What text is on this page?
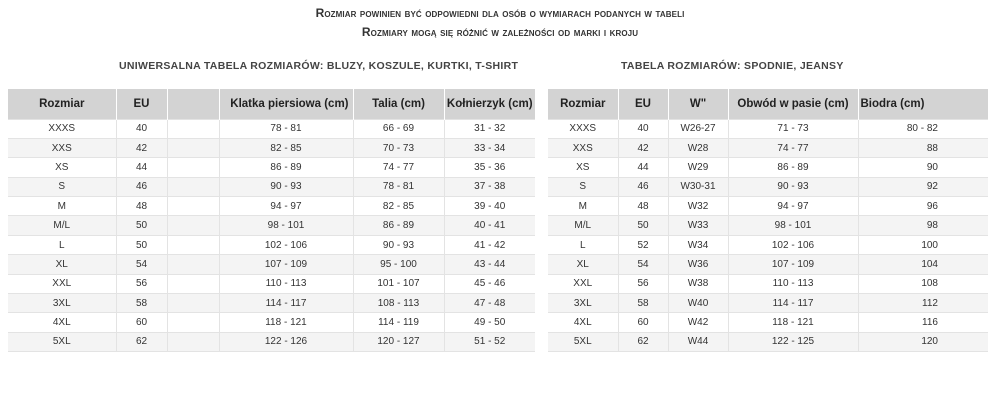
Rozmiar powinien być odpowiedni dla osób o wymiarach podanych w tabeli
Rozmiary mogą się różnić w zależności od marki i kroju
UNIWERSALNA TABELA ROZMIARÓW: BLUZY, KOSZULE, KURTKI, T-SHIRT	TABELA ROZMIARÓW: SPODNIE, JEANSY
Rozmiar	EU		Klatka piersiowa (cm)	Talia (cm)	Kołnierzyk (cm)
XXXS	40		78 - 81	66 - 69	31 - 32
XXS	42		82 - 85	70 - 73	33 - 34
XS	44		86 - 89	74 - 77	35 - 36
S	46		90 - 93	78 - 81	37 - 38
M	48		94 - 97	82 - 85	39 - 40
M/L	50		98 - 101	86 - 89	40 - 41
L	50		102 - 106	90 - 93	41 - 42
XL	54		107 - 109	95 - 100	43 - 44
XXL	56		110 - 113	101 - 107	45 - 46
3XL	58		114 - 117	108 - 113	47 - 48
4XL	60		118 - 121	114 - 119	49 - 50
5XL	62		122 - 126	120 - 127	51 - 52
Rozmiar	EU	W"	Obwód w pasie (cm)	Biodra (cm)
XXXS	40	W26-27	71 - 73	80 - 82
XXS	42	W28	74 - 77	88
XS	44	W29	86 - 89	90
S	46	W30-31	90 - 93	92
M	48	W32	94 - 97	96
M/L	50	W33	98 - 101	98
L	52	W34	102 - 106	100
XL	54	W36	107 - 109	104
XXL	56	W38	110 - 113	108
3XL	58	W40	114 - 117	112
4XL	60	W42	118 - 121	116
5XL	62	W44	122 - 125	120
